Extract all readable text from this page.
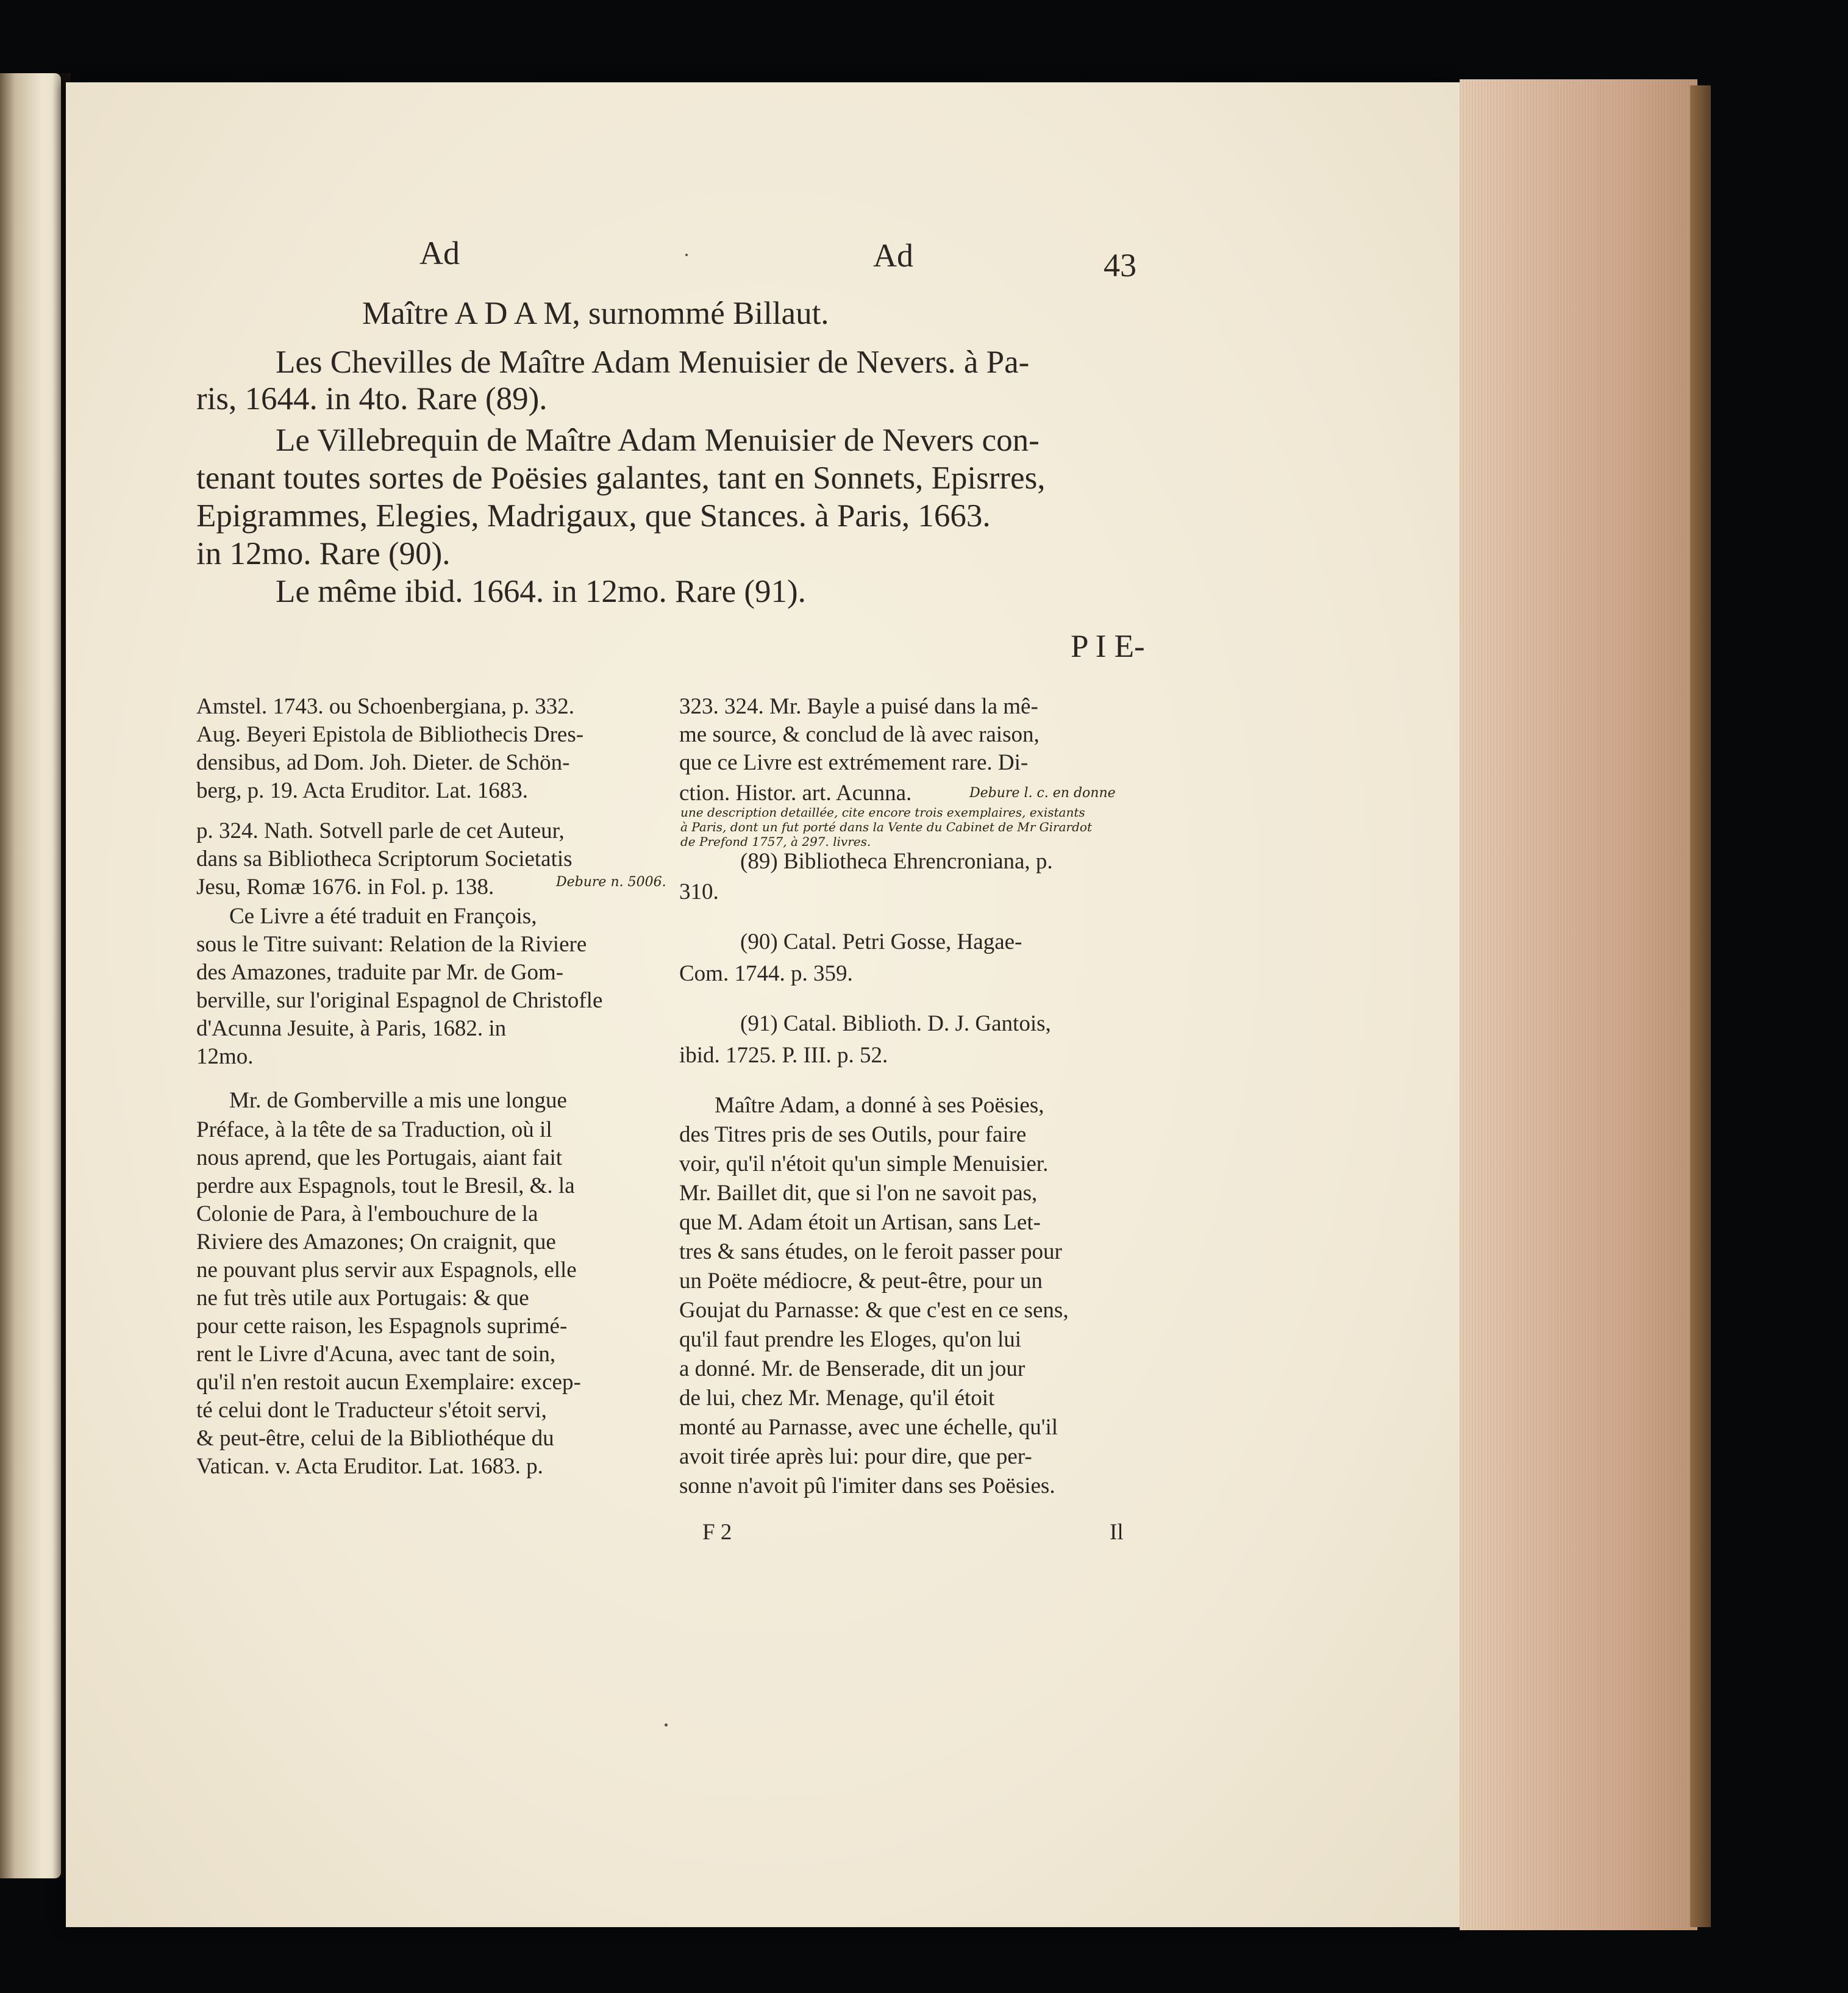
Ad	Ad	43
Maître A D A M, surnommé Billaut.
Les Chevilles de Maître Adam Menuisier de Nevers. à Pa-
ris, 1644. in 4to. Rare (89).
Le Villebrequin de Maître Adam Menuisier de Nevers con-
tenant toutes sortes de Poësies galantes, tant en Sonnets, Episrres,
Epigrammes, Elegies, Madrigaux, que Stances. à Paris, 1663.
in 12mo. Rare (90).
Le même ibid. 1664. in 12mo. Rare (91).
P I E-
Amstel. 1743. ou Schoenbergiana, p. 332.
Aug. Beyeri Epistola de Bibliothecis Dres-
densibus, ad Dom. Joh. Dieter. de Schön-
berg, p. 19. Acta Eruditor. Lat. 1683.
p. 324. Nath. Sotvell parle de cet Auteur,
dans sa Bibliotheca Scriptorum Societatis
Jesu, Romæ 1676. in Fol. p. 138.	Debure n. 5006.
Ce Livre a été traduit en François,
sous le Titre suivant: Relation de la Riviere
des Amazones, traduite par Mr. de Gom-
berville, sur l'original Espagnol de Christofle
d'Acunna Jesuite, à Paris, 1682. in
12mo.
Mr. de Gomberville a mis une longue
Préface, à la tête de sa Traduction, où il
nous aprend, que les Portugais, aiant fait
perdre aux Espagnols, tout le Bresil, &. la
Colonie de Para, à l'embouchure de la
Riviere des Amazones; On craignit, que
ne pouvant plus servir aux Espagnols, elle
ne fut très utile aux Portugais: & que
pour cette raison, les Espagnols suprimé-
rent le Livre d'Acuna, avec tant de soin,
qu'il n'en restoit aucun Exemplaire: excep-
té celui dont le Traducteur s'étoit servi,
& peut-être, celui de la Bibliothéque du
Vatican. v. Acta Eruditor. Lat. 1683. p.
323. 324. Mr. Bayle a puisé dans la mê-
me source, & conclud de là avec raison,
que ce Livre est extrémement rare. Di-
ction. Histor. art. Acunna.	Debure l. c. en donne
une description detaillée, cite encore trois exemplaires, existants
à Paris, dont un fut porté dans la Vente du Cabinet de Mr Girardot
de Prefond 1757, à 297. livres.
(89) Bibliotheca Ehrencroniana, p.
310.
(90) Catal. Petri Gosse, Hagae-
Com. 1744. p. 359.
(91) Catal. Biblioth. D. J. Gantois,
ibid. 1725. P. III. p. 52.
Maître Adam, a donné à ses Poësies,
des Titres pris de ses Outils, pour faire
voir, qu'il n'étoit qu'un simple Menuisier.
Mr. Baillet dit, que si l'on ne savoit pas,
que M. Adam étoit un Artisan, sans Let-
tres & sans études, on le feroit passer pour
un Poëte médiocre, & peut-être, pour un
Goujat du Parnasse: & que c'est en ce sens,
qu'il faut prendre les Eloges, qu'on lui
a donné. Mr. de Benserade, dit un jour
de lui, chez Mr. Menage, qu'il étoit
monté au Parnasse, avec une échelle, qu'il
avoit tirée après lui: pour dire, que per-
sonne n'avoit pû l'imiter dans ses Poësies.
F 2	Il
